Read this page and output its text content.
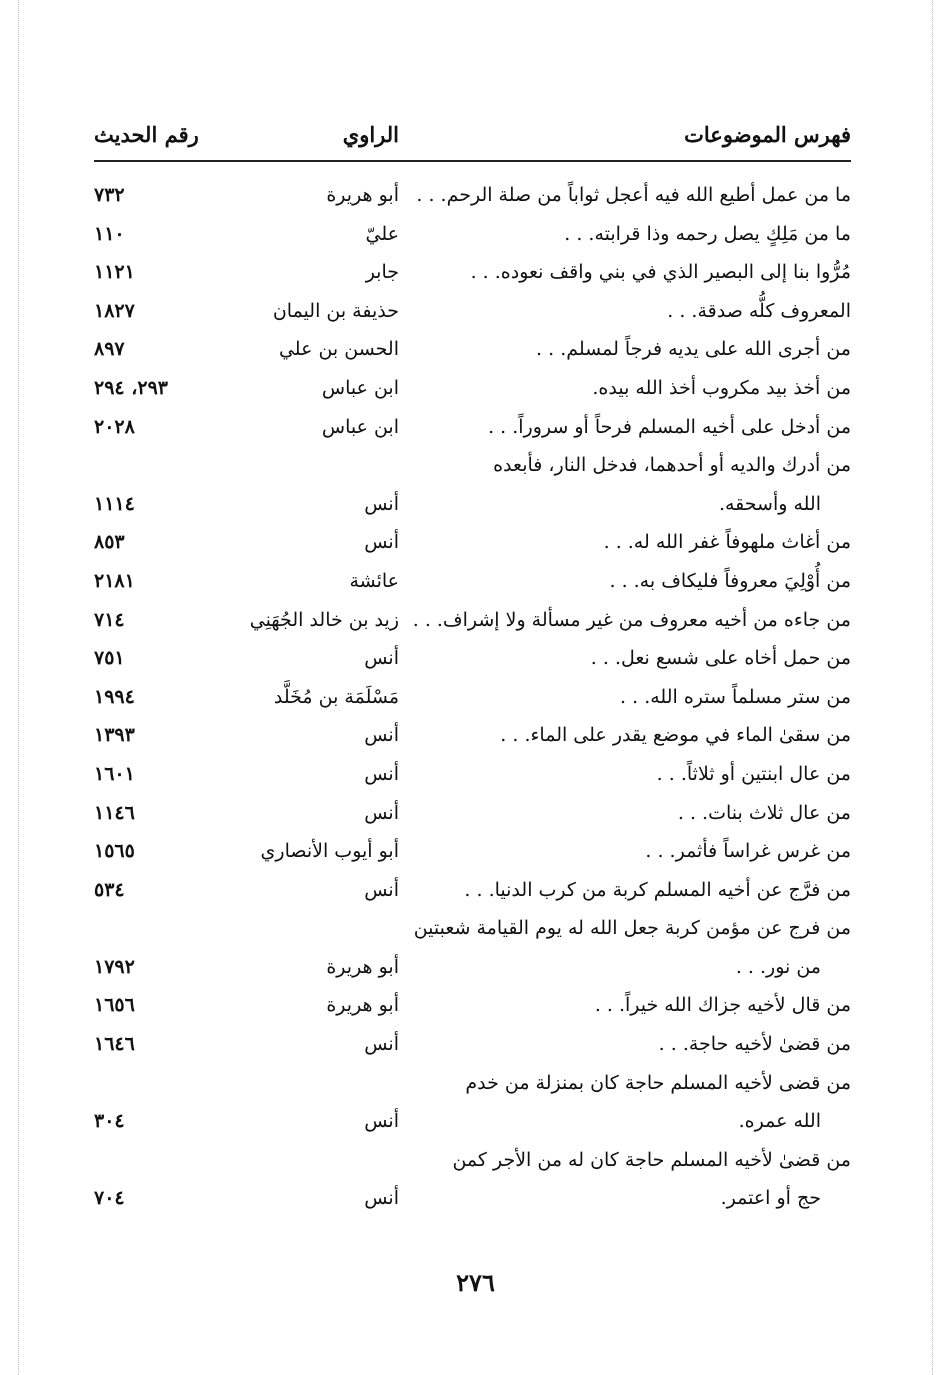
فهرس الموضوعات
الراوي
رقم الحديث
ما من عمل أطيع الله فيه أعجل ثواباً من صلة الرحم. . .
أبو هريرة
٧٣٢
ما من مَلِكٍ يصل رحمه وذا قرابته. . .
عليّ
١١٠
مُرُّوا بنا إلى البصير الذي في بني واقف نعوده. . .
جابر
١١٢١
المعروف كلُّه صدقة. . .
حذيفة بن اليمان
١٨٢٧
من أجرى الله على يديه فرجاً لمسلم. . .
الحسن بن علي
٨٩٧
من أخذ بيد مكروب أخذ الله بيده.
ابن عباس
٢٩٣، ٢٩٤
من أدخل على أخيه المسلم فرحاً أو سروراً. . .
ابن عباس
٢٠٢٨
من أدرك والديه أو أحدهما، فدخل النار، فأبعده
الله وأسحقه.
أنس
١١١٤
من أغاث ملهوفاً غفر الله له. . .
أنس
٨٥٣
من أُوْلِيَ معروفاً فليكاف به. . .
عائشة
٢١٨١
من جاءه من أخيه معروف من غير مسألة ولا إشراف. . .
زيد بن خالد الجُهَنِي
٧١٤
من حمل أخاه على شسع نعل. . .
أنس
٧٥١
من ستر مسلماً ستره الله. . .
مَسْلَمَة بن مُخَلَّد
١٩٩٤
من سقىٰ الماء في موضع يقدر على الماء. . .
أنس
١٣٩٣
من عال ابنتين أو ثلاثاً. . .
أنس
١٦٠١
من عال ثلاث بنات. . .
أنس
١١٤٦
من غرس غراساً فأثمر. . .
أبو أيوب الأنصاري
١٥٦٥
من فرَّج عن أخيه المسلم كربة من كرب الدنيا. . .
أنس
٥٣٤
من فرج عن مؤمن كربة جعل الله له يوم القيامة شعبتين
من نور. . .
أبو هريرة
١٧٩٢
من قال لأخيه جزاك الله خيراً. . .
أبو هريرة
١٦٥٦
من قضىٰ لأخيه حاجة. . .
أنس
١٦٤٦
من قضى لأخيه المسلم حاجة كان بمنزلة من خدم
الله عمره.
أنس
٣٠٤
من قضىٰ لأخيه المسلم حاجة كان له من الأجر كمن
حج أو اعتمر.
أنس
٧٠٤
٢٧٦
